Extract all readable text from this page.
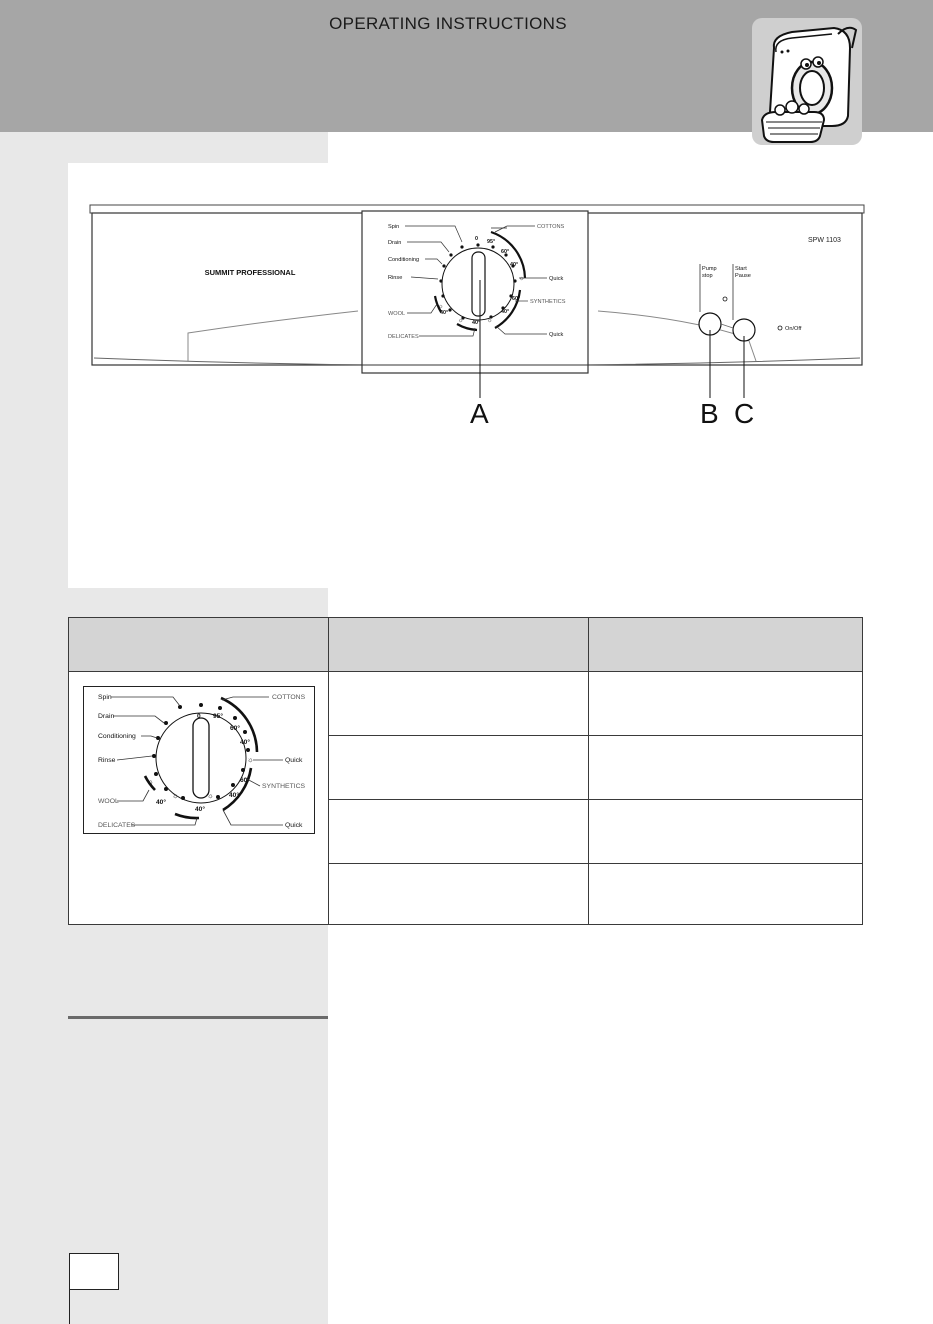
OPERATING INSTRUCTIONS
SUMMIT PROFESSIONAL
SPW 1103
Spin
Drain
Conditioning
Rinse
WOOL
DELICATES
COTTONS
Quick
SYNTHETICS
Quick
0 95°
60°
40°
60°
40°
40°
40°
☼
☼
☼	☼
Pump
stop
Start
Pause
On/Off
A	B C
Spin
Drain
Conditioning
Rinse
WOOL
DELICATES
COTTONS
Quick
SYNTHETICS
Quick
0 95°
60°
40°
60°
40°
40°
40°
☼
☼
☼	☼
